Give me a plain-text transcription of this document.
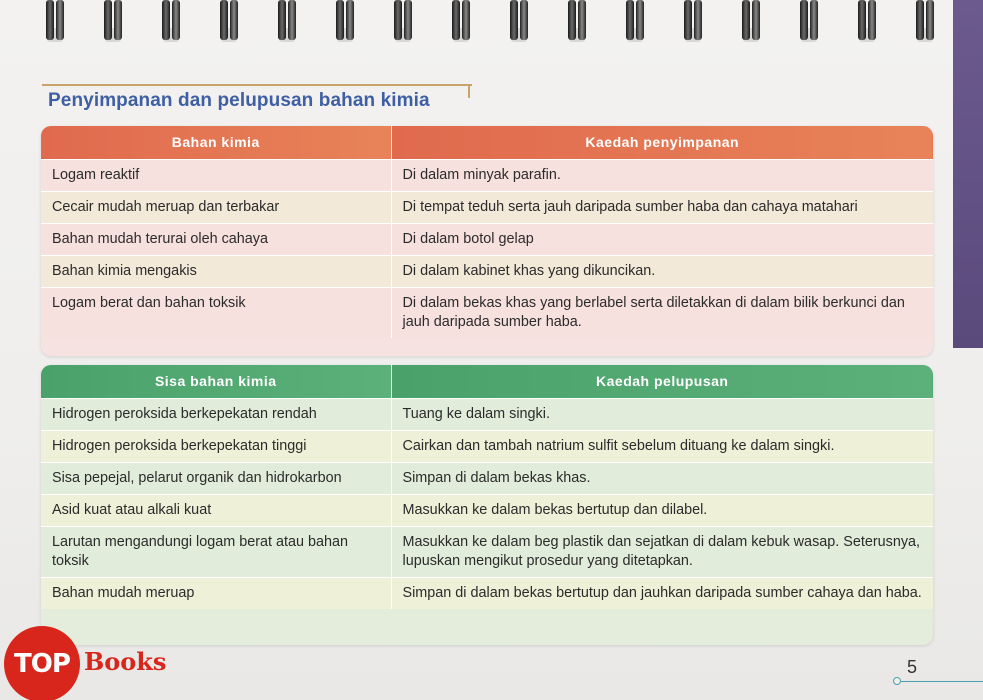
Penyimpanan dan pelupusan bahan kimia
Bahan kimia	Kaedah penyimpanan
Logam reaktif	Di dalam minyak parafin.
Cecair mudah meruap dan terbakar	Di tempat teduh serta jauh daripada sumber haba dan cahaya matahari
Bahan mudah terurai oleh cahaya	Di dalam botol gelap
Bahan kimia mengakis	Di dalam kabinet khas yang dikuncikan.
Logam berat dan bahan toksik	Di dalam bekas khas yang berlabel serta diletakkan di dalam bilik berkunci dan jauh daripada sumber haba.
Sisa bahan kimia	Kaedah pelupusan
Hidrogen peroksida berkepekatan rendah	Tuang ke dalam singki.
Hidrogen peroksida berkepekatan tinggi	Cairkan dan tambah natrium sulfit sebelum dituang ke dalam singki.
Sisa pepejal, pelarut organik dan hidrokarbon	Simpan di dalam bekas khas.
Asid kuat atau alkali kuat	Masukkan ke dalam bekas bertutup dan dilabel.
Larutan mengandungi logam berat atau bahan toksik	Masukkan ke dalam beg plastik dan sejatkan di dalam kebuk wasap. Seterusnya, lupuskan mengikut prosedur yang ditetapkan.
Bahan mudah meruap	Simpan di dalam bekas bertutup dan jauhkan daripada sumber cahaya dan haba.
TOP Books	5
